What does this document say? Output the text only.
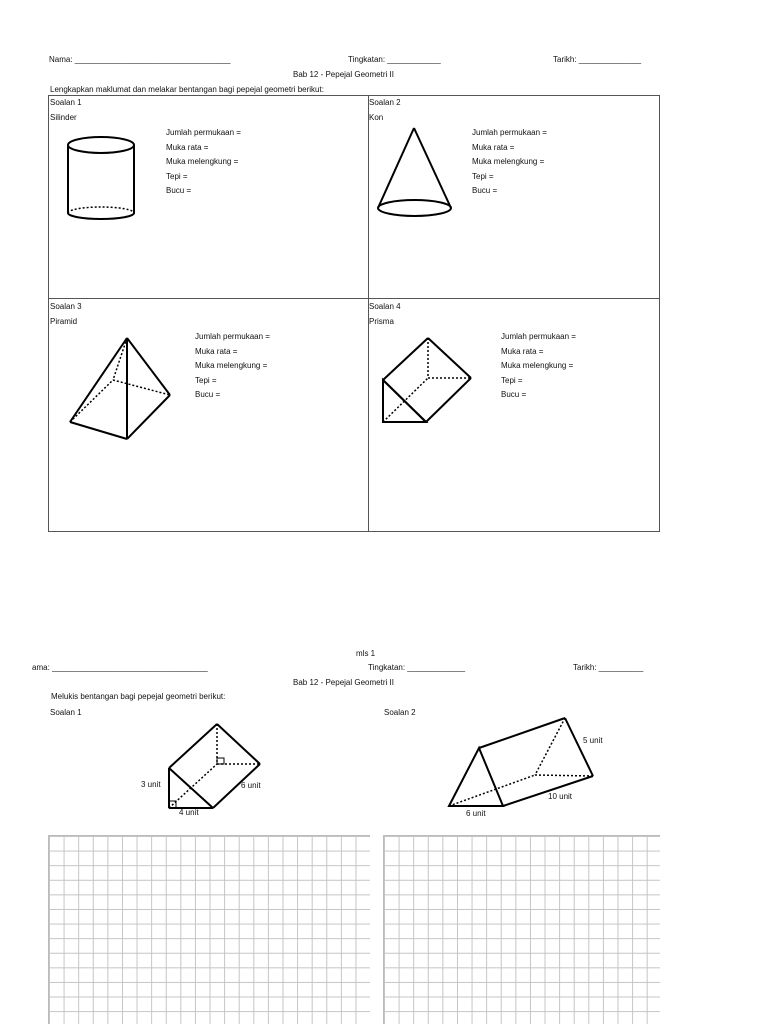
Nama: ___________________________________	Tingkatan: ____________	Tarikh: ______________
Bab 12 - Pepejal Geometri II
Lengkapkan maklumat dan melakar bentangan bagi pepejal geometri berikut:
Soalan 1
Silinder
Jumlah permukaan =
Muka rata =
Muka melengkung =
Tepi =
Bucu =
Soalan 2
Kon
Jumlah permukaan =
Muka rata =
Muka melengkung =
Tepi =
Bucu =
Soalan 3
Piramid
Jumlah permukaan =
Muka rata =
Muka melengkung =
Tepi =
Bucu =
Soalan 4
Prisma
Jumlah permukaan =
Muka rata =
Muka melengkung =
Tepi =
Bucu =
mls 1
ama: ___________________________________	Tingkatan: _____________	Tarikh: __________
Bab 12 - Pepejal Geometri II
Melukis bentangan bagi pepejal geometri berikut:
Soalan 1	Soalan 2
3 unit	6 unit
4 unit
5 unit
10 unit
6 unit
